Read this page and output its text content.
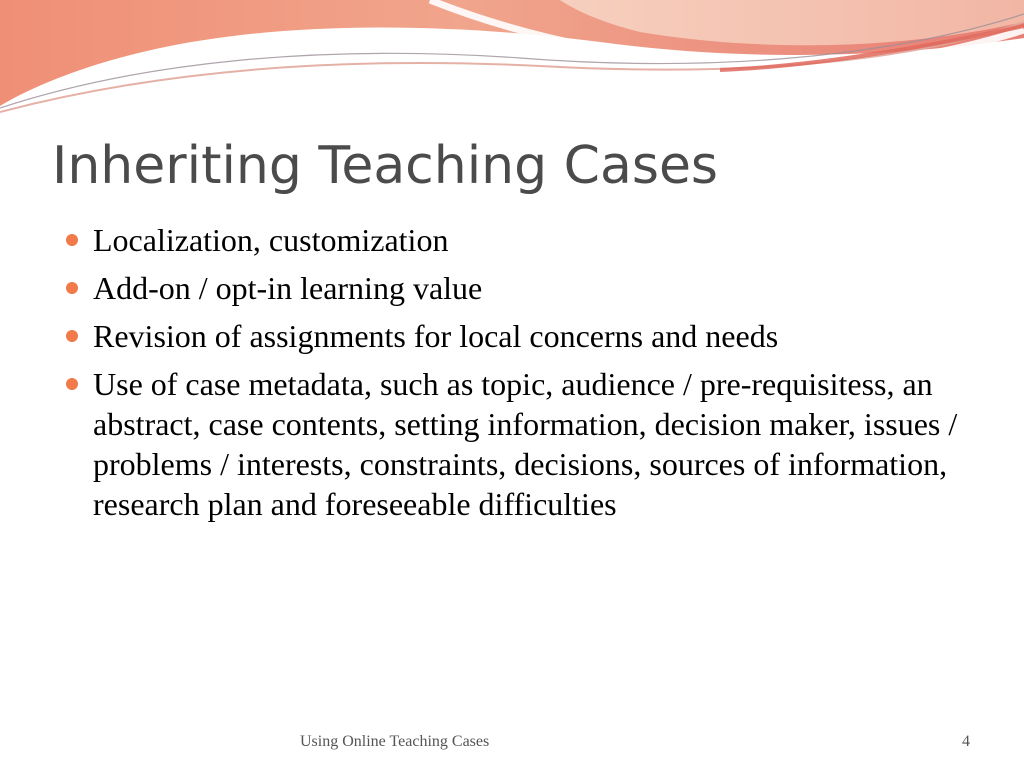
Inheriting Teaching Cases
Localization, customization
Add-on / opt-in learning value
Revision of assignments for local concerns and needs
Use of case metadata, such as topic, audience / pre-requisitess, an abstract, case contents, setting information, decision maker, issues / problems / interests, constraints, decisions, sources of information, research plan and foreseeable difficulties
Using Online Teaching Cases	4
